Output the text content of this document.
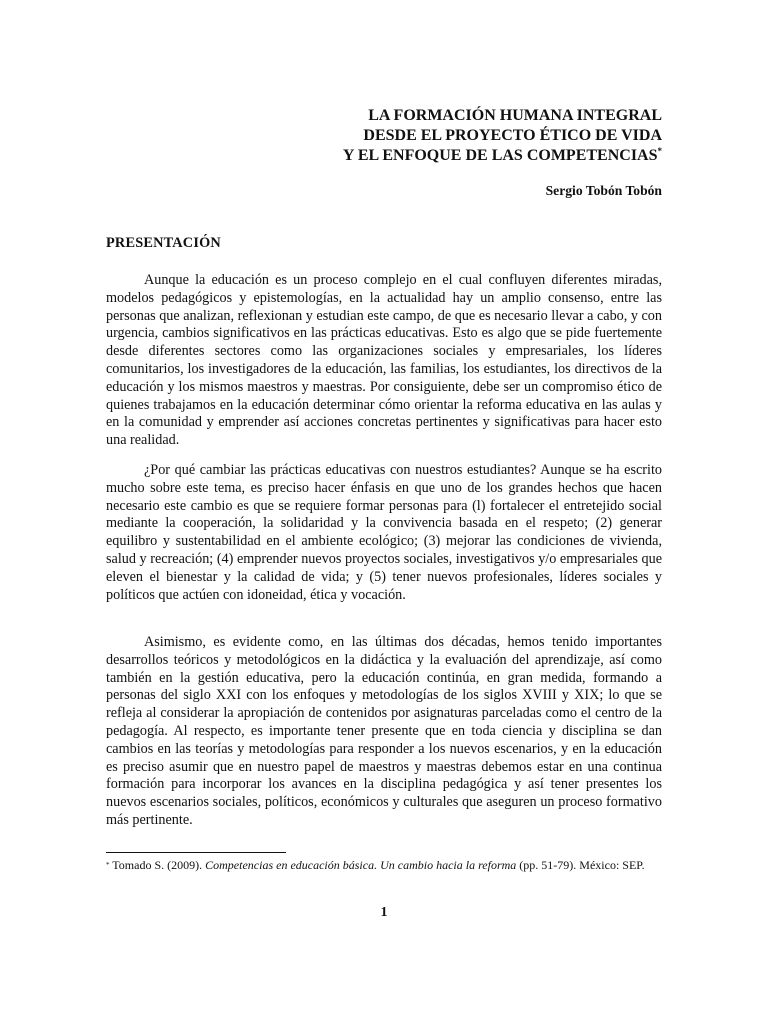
LA FORMACIÓN HUMANA INTEGRAL
DESDE EL PROYECTO ÉTICO DE VIDA
Y EL ENFOQUE DE LAS COMPETENCIAS*
Sergio Tobón Tobón
PRESENTACIÓN

Aunque la educación es un proceso complejo en el cual confluyen diferentes miradas, modelos pedagógicos y epistemologías, en la actualidad hay un amplio consenso, entre las personas que analizan, reflexionan y estudian este campo, de que es necesario llevar a cabo, y con urgencia, cambios significativos en las prácticas educativas. Esto es algo que se pide fuertemente desde diferentes sectores como las organizaciones sociales y empresariales, los líderes comunitarios, los investigadores de la educación, las familias, los estudiantes, los directivos de la educación y los mismos maestros y maestras. Por consiguiente, debe ser un compromiso ético de quienes trabajamos en la educación determinar cómo orientar la reforma educativa en las aulas y en la comunidad y emprender así acciones concretas pertinentes y significativas para hacer esto una realidad.

¿Por qué cambiar las prácticas educativas con nuestros estudiantes? Aunque se ha escrito mucho sobre este tema, es preciso hacer énfasis en que uno de los grandes hechos que hacen necesario este cambio es que se requiere formar personas para (l) fortalecer el entretejido social mediante la cooperación, la solidaridad y la convivencia basada en el respeto; (2) generar equilibro y sustentabilidad en el ambiente ecológico; (3) mejorar las condiciones de vivienda, salud y recreación; (4) emprender nuevos proyectos sociales, investigativos y/o empresariales que eleven el bienestar y la calidad de vida; y (5) tener nuevos profesionales, líderes sociales y políticos que actúen con idoneidad, ética y vocación.

Asimismo, es evidente como, en las últimas dos décadas, hemos tenido importantes desarrollos teóricos y metodológicos en la didáctica y la evaluación del aprendizaje, así como también en la gestión educativa, pero la educación continúa, en gran medida, formando a personas del siglo XXI con los enfoques y metodologías de los siglos XVIII y XIX; lo que se refleja al considerar la apropiación de contenidos por asignaturas parceladas como el centro de la pedagogía. Al respecto, es importante tener presente que en toda ciencia y disciplina se dan cambios en las teorías y metodologías para responder a los nuevos escenarios, y en la educación es preciso asumir que en nuestro papel de maestros y maestras debemos estar en una continua formación para incorporar los avances en la disciplina pedagógica y así tener presentes los nuevos escenarios sociales, políticos, económicos y culturales que aseguren un proceso formativo más pertinente.

* Tomado S. (2009). Competencias en educación básica. Un cambio hacia la reforma (pp. 51-79). México: SEP.

1
